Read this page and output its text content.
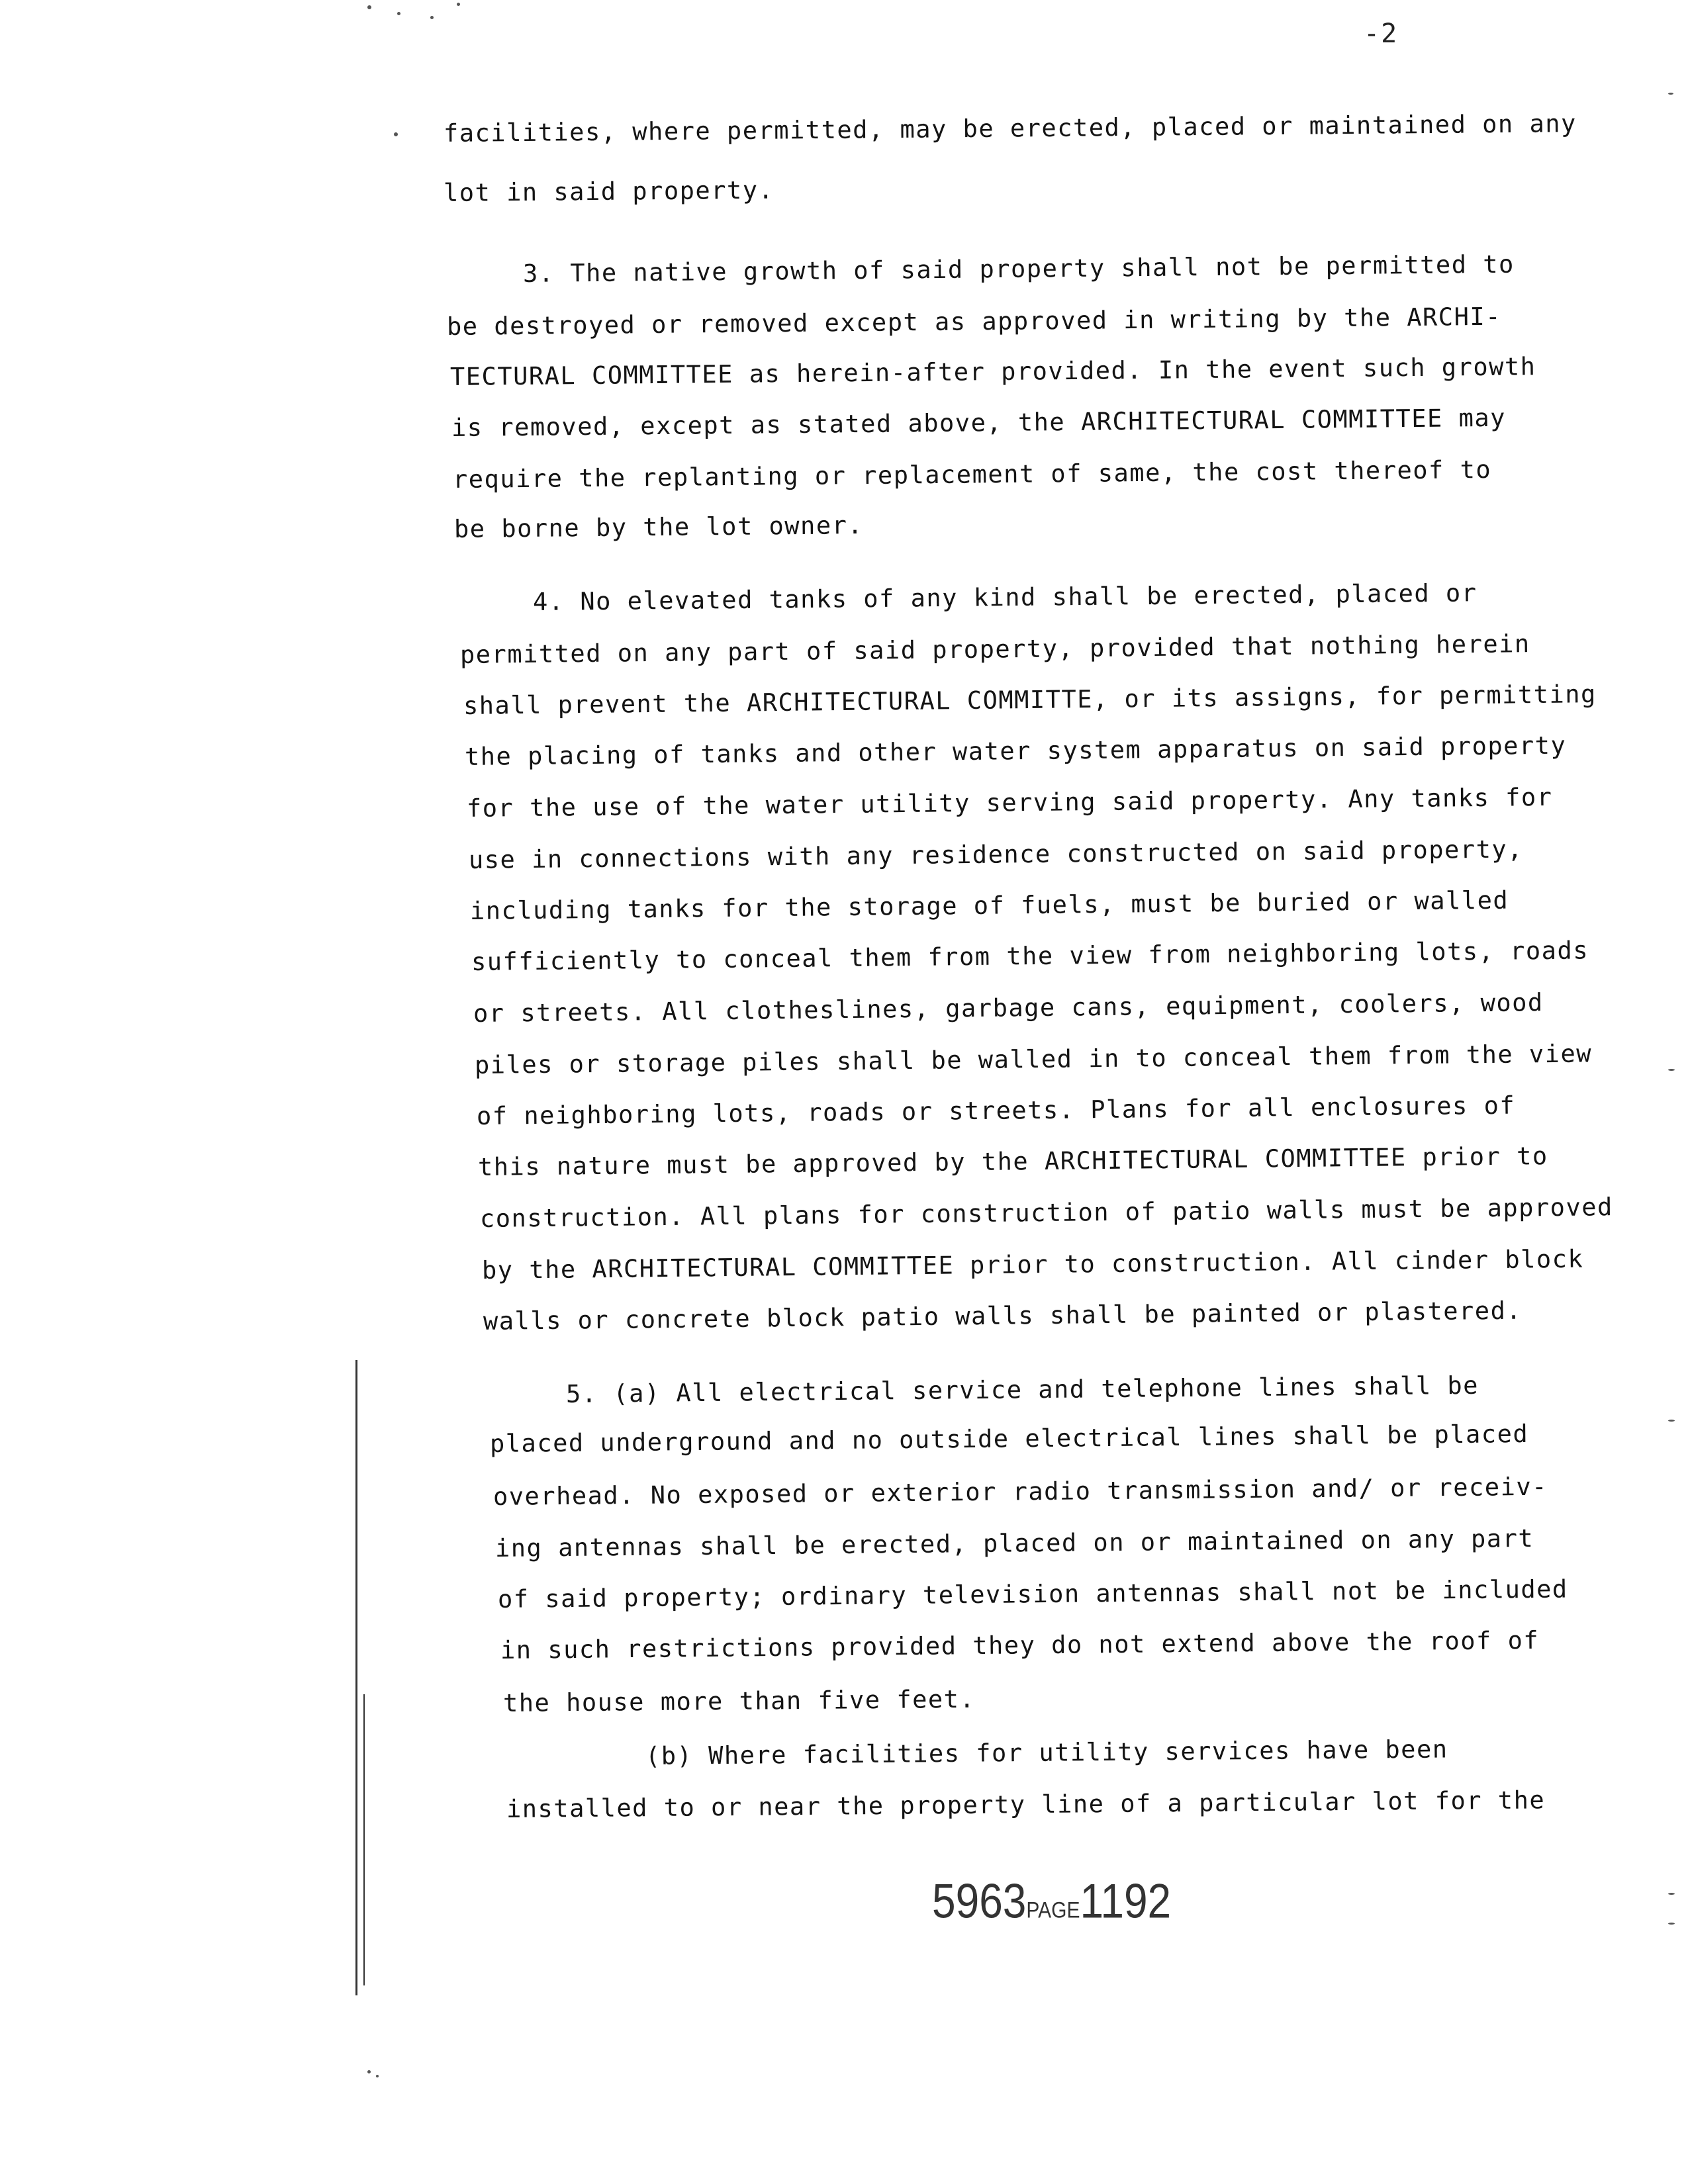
-2
facilities, where permitted, may be erected, placed or maintained on any
lot in said property.
3. The native growth of said property shall not be permitted to
be destroyed or removed except as approved in writing by the ARCHI-
TECTURAL COMMITTEE as herein-after provided. In the event such growth
is removed, except as stated above, the ARCHITECTURAL COMMITTEE may
require the replanting or replacement of same, the cost thereof to
be borne by the lot owner.
4. No elevated tanks of any kind shall be erected, placed or
permitted on any part of said property, provided that nothing herein
shall prevent the ARCHITECTURAL COMMITTE, or its assigns, for permitting
the placing of tanks and other water system apparatus on said property
for the use of the water utility serving said property. Any tanks for
use in connections with any residence constructed on said property,
including tanks for the storage of fuels, must be buried or walled
sufficiently to conceal them from the view from neighboring lots, roads
or streets. All clotheslines, garbage cans, equipment, coolers, wood
piles or storage piles shall be walled in to conceal them from the view
of neighboring lots, roads or streets. Plans for all enclosures of
this nature must be approved by the ARCHITECTURAL COMMITTEE prior to
construction. All plans for construction of patio walls must be approved
by the ARCHITECTURAL COMMITTEE prior to construction. All cinder block
walls or concrete block patio walls shall be painted or plastered.
5. (a) All electrical service and telephone lines shall be
placed underground and no outside electrical lines shall be placed
overhead. No exposed or exterior radio transmission and/ or receiv-
ing antennas shall be erected, placed on or maintained on any part
of said property; ordinary television antennas shall not be included
in such restrictions provided they do not extend above the roof of
the house more than five feet.
(b) Where facilities for utility services have been
installed to or near the property line of a particular lot for the
5963PAGE1192
